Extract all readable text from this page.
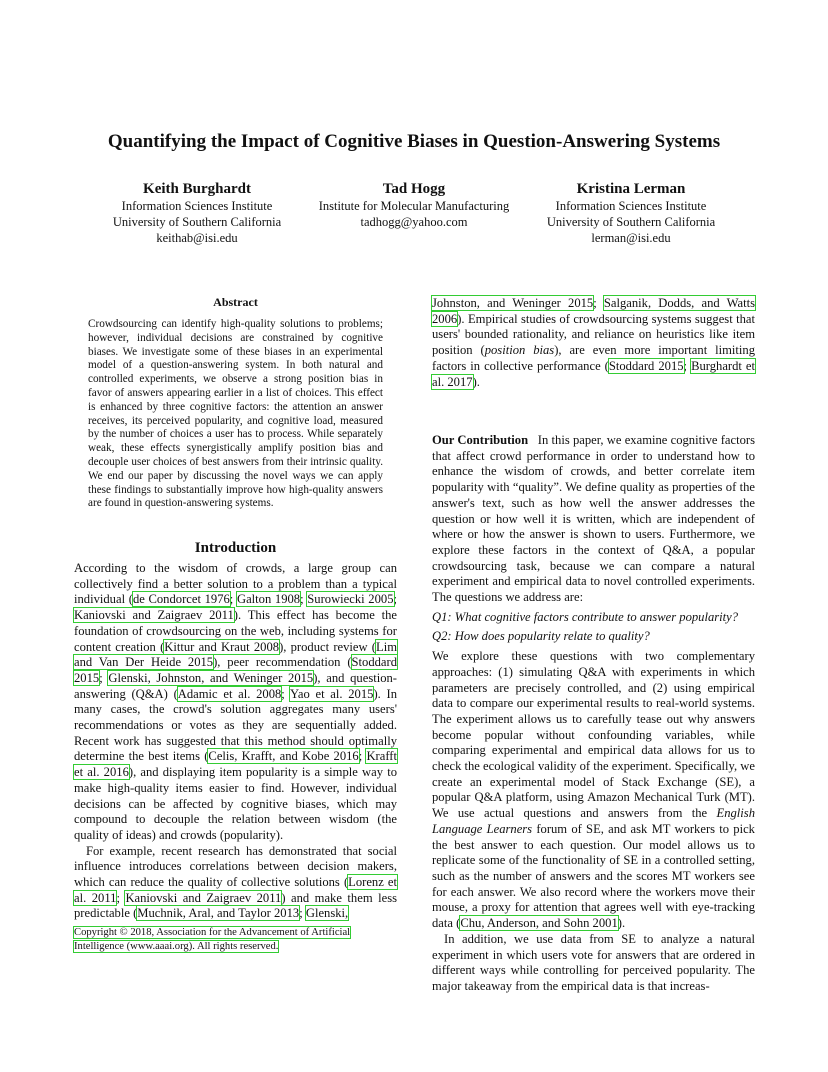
Quantifying the Impact of Cognitive Biases in Question-Answering Systems
Keith Burghardt
Information Sciences Institute
University of Southern California
keithab@isi.edu
Tad Hogg
Institute for Molecular Manufacturing
tadhogg@yahoo.com
Kristina Lerman
Information Sciences Institute
University of Southern California
lerman@isi.edu
Abstract
Crowdsourcing can identify high-quality solutions to problems; however, individual decisions are constrained by cognitive biases. We investigate some of these biases in an experimental model of a question-answering system. In both natural and controlled experiments, we observe a strong position bias in favor of answers appearing earlier in a list of choices. This effect is enhanced by three cognitive factors: the attention an answer receives, its perceived popularity, and cognitive load, measured by the number of choices a user has to process. While separately weak, these effects synergistically amplify position bias and decouple user choices of best answers from their intrinsic quality. We end our paper by discussing the novel ways we can apply these findings to substantially improve how high-quality answers are found in question-answering systems.
Introduction

According to the wisdom of crowds, a large group can collectively find a better solution to a problem than a typical individual (de Condorcet 1976; Galton 1908; Surowiecki 2005; Kaniovski and Zaigraev 2011). This effect has become the foundation of crowdsourcing on the web, including systems for content creation (Kittur and Kraut 2008), product review (Lim and Van Der Heide 2015), peer recommendation (Stoddard 2015; Glenski, Johnston, and Weninger 2015), and question-answering (Q&A) (Adamic et al. 2008; Yao et al. 2015). In many cases, the crowd's solution aggregates many users' recommendations or votes as they are sequentially added. Recent work has suggested that this method should optimally determine the best items (Celis, Krafft, and Kobe 2016; Krafft et al. 2016), and displaying item popularity is a simple way to make high-quality items easier to find. However, individual decisions can be affected by cognitive biases, which may compound to decouple the relation between wisdom (the quality of ideas) and crowds (popularity).

For example, recent research has demonstrated that social influence introduces correlations between decision makers, which can reduce the quality of collective solutions (Lorenz et al. 2011; Kaniovski and Zaigraev 2011) and make them less predictable (Muchnik, Aral, and Taylor 2013; Glenski,

Copyright © 2018, Association for the Advancement of Artificial Intelligence (www.aaai.org). All rights reserved.

Johnston, and Weninger 2015; Salganik, Dodds, and Watts 2006). Empirical studies of crowdsourcing systems suggest that users' bounded rationality, and reliance on heuristics like item position (position bias), are even more important limiting factors in collective performance (Stoddard 2015; Burghardt et al. 2017).

Our Contribution In this paper, we examine cognitive factors that affect crowd performance in order to understand how to enhance the wisdom of crowds, and better correlate item popularity with “quality”. We define quality as properties of the answer's text, such as how well the answer addresses the question or how well it is written, which are independent of where or how the answer is shown to users. Furthermore, we explore these factors in the context of Q&A, a popular crowdsourcing task, because we can compare a natural experiment and empirical data to novel controlled experiments. The questions we address are:

Q1: What cognitive factors contribute to answer popularity?

Q2: How does popularity relate to quality?

We explore these questions with two complementary approaches: (1) simulating Q&A with experiments in which parameters are precisely controlled, and (2) using empirical data to compare our experimental results to real-world systems. The experiment allows us to carefully tease out why answers become popular without confounding variables, while comparing experimental and empirical data allows for us to check the ecological validity of the experiment. Specifically, we create an experimental model of Stack Exchange (SE), a popular Q&A platform, using Amazon Mechanical Turk (MT). We use actual questions and answers from the English Language Learners forum of SE, and ask MT workers to pick the best answer to each question. Our model allows us to replicate some of the functionality of SE in a controlled setting, such as the number of answers and the scores MT workers see for each answer. We also record where the workers move their mouse, a proxy for attention that agrees well with eye-tracking data (Chu, Anderson, and Sohn 2001).

In addition, we use data from SE to analyze a natural experiment in which users vote for answers that are ordered in different ways while controlling for perceived popularity. The major takeaway from the empirical data is that increas-
